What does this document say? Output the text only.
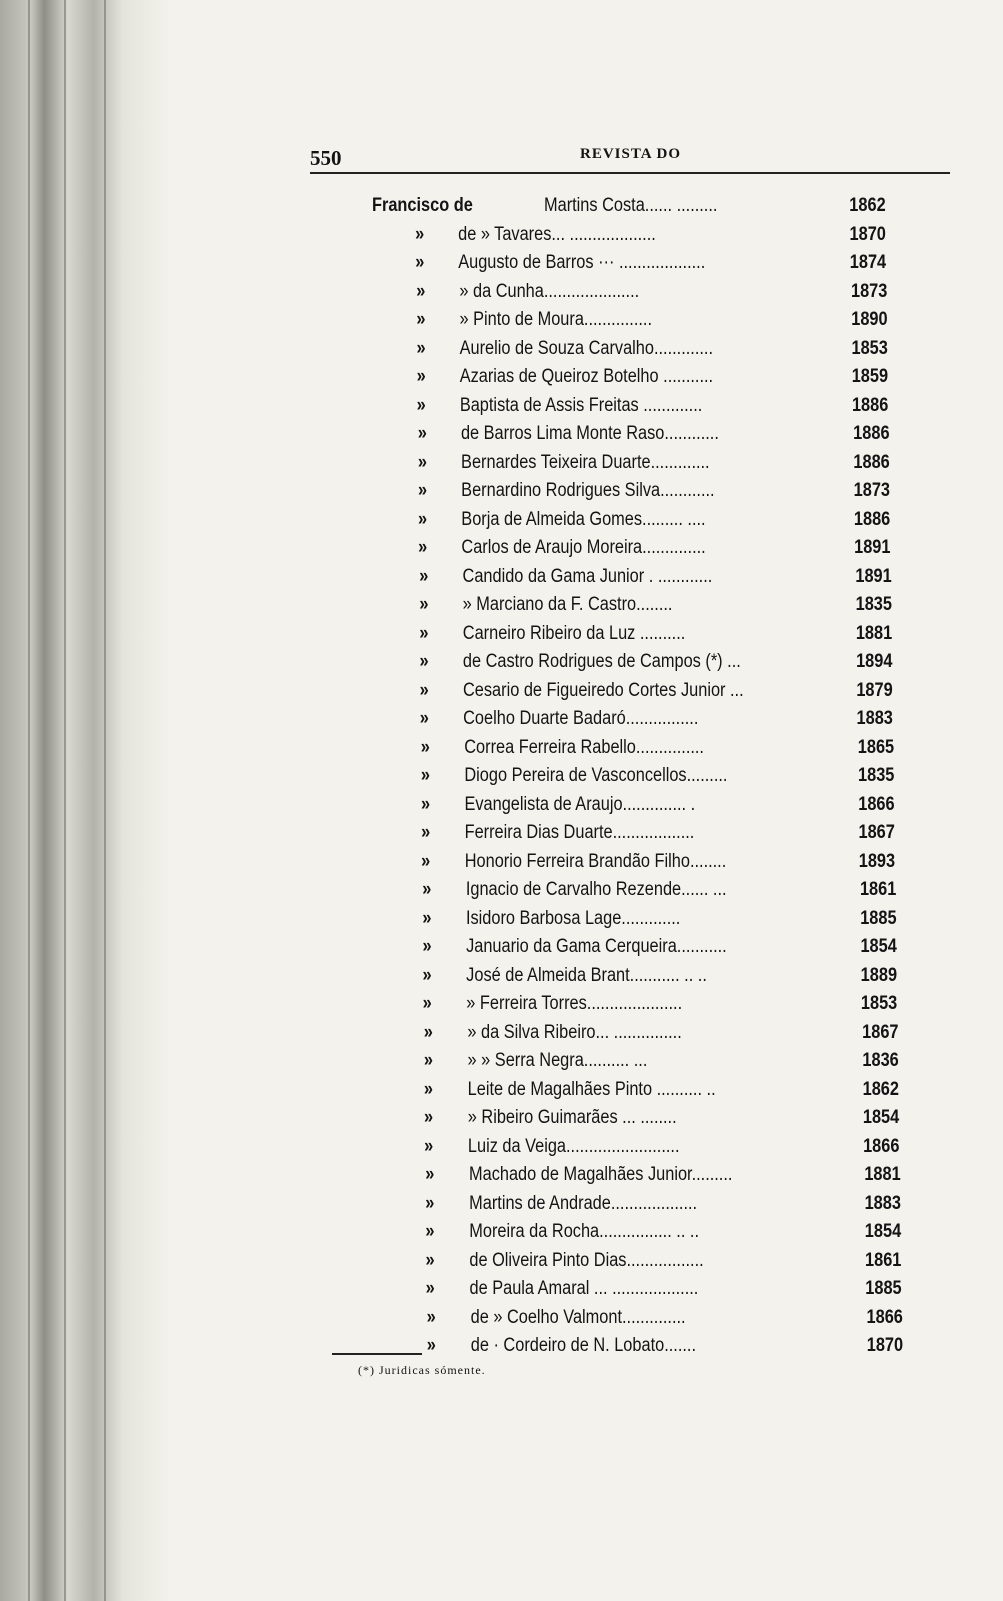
550	REVISTA DO
Francisco de	Martins Costa...... .........	1862
» de » Tavares... ...................	1870
» Augusto de Barros ··· ...................	1874
» » da Cunha.....................	1873
» » Pinto de Moura...............	1890
» Aurelio de Souza Carvalho.............	1853
» Azarias de Queiroz Botelho ...........	1859
» Baptista de Assis Freitas .............	1886
» de Barros Lima Monte Raso............	1886
» Bernardes Teixeira Duarte.............	1886
» Bernardino Rodrigues Silva............	1873
» Borja de Almeida Gomes......... ....	1886
» Carlos de Araujo Moreira..............	1891
» Candido da Gama Junior . ............	1891
» » Marciano da F. Castro........	1835
» Carneiro Ribeiro da Luz ..........	1881
» de Castro Rodrigues de Campos (*) ...	1894
» Cesario de Figueiredo Cortes Junior ...	1879
» Coelho Duarte Badaró................	1883
» Correa Ferreira Rabello...............	1865
» Diogo Pereira de Vasconcellos.........	1835
» Evangelista de Araujo.............. .	1866
» Ferreira Dias Duarte..................	1867
» Honorio Ferreira Brandão Filho........	1893
» Ignacio de Carvalho Rezende...... ...	1861
» Isidoro Barbosa Lage.............	1885
» Januario da Gama Cerqueira...........	1854
» José de Almeida Brant........... .. ..	1889
» » Ferreira Torres.....................	1853
» » da Silva Ribeiro... ...............	1867
» » » Serra Negra.......... ...	1836
» Leite de Magalhães Pinto .......... ..	1862
» » Ribeiro Guimarães ... ........	1854
» Luiz da Veiga.........................	1866
» Machado de Magalhães Junior.........	1881
» Martins de Andrade...................	1883
» Moreira da Rocha................ .. ..	1854
» de Oliveira Pinto Dias.................	1861
» de Paula Amaral ... ...................	1885
» de » Coelho Valmont..............	1866
» de · Cordeiro de N. Lobato.......	1870
(*) Juridicas sómente.
